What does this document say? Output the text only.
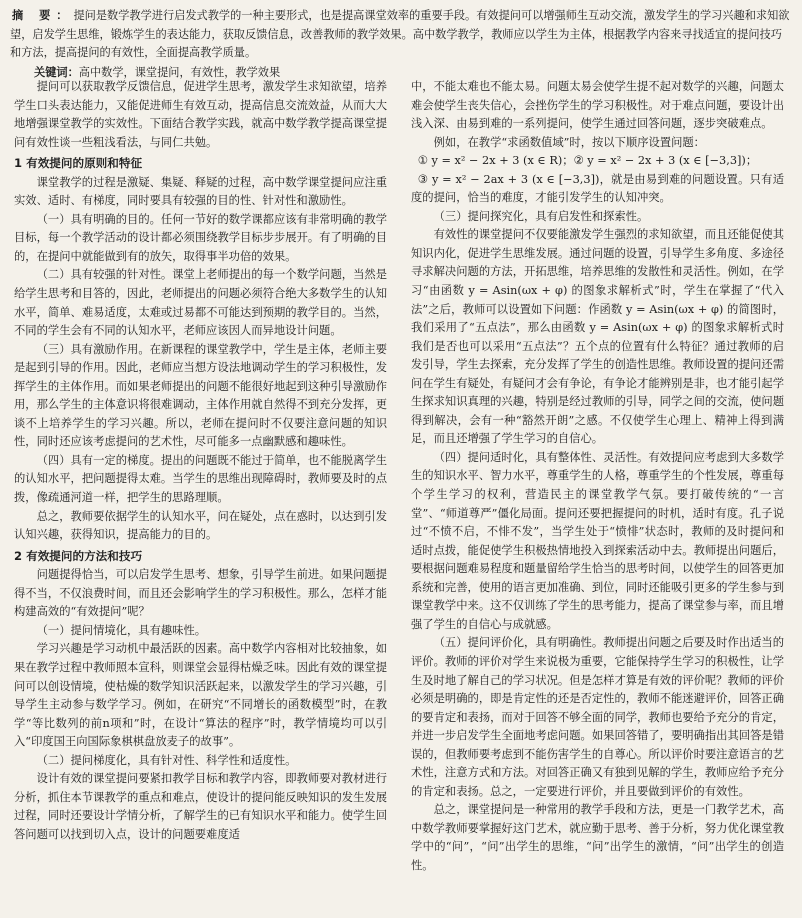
摘 要：提问是数学教学进行启发式教学的一种主要形式，也是提高课堂效率的重要手段。有效提问可以增强师生互动交流，激发学生的学习兴趣和求知欲望，启发学生思维，锻炼学生的表达能力，获取反馈信息，改善教师的教学效果。高中数学教学，教师应以学生为主体，根据教学内容来寻找适宜的提问技巧和方法，提高提问的有效性，全面提高教学质量。
关键词：高中数学，课堂提问，有效性，教学效果

提问可以获取教学反馈信息，促进学生思考，激发学生求知欲望，培养学生口头表达能力，又能促进师生有效互动，提高信息交流效益，从而大大地增强课堂教学的实效性。下面结合教学实践，就高中数学教学提高课堂提问有效性谈一些粗浅看法，与同仁共勉。

1 有效提问的原则和特征

课堂教学的过程是激疑、集疑、释疑的过程，高中数学课堂提问应注重实效、适时、有梯度，同时要具有较强的目的性、针对性和激励性。

（一）具有明确的目的。任何一节好的数学课都应该有非常明确的教学目标，每一个教学活动的设计都必须围绕教学目标步步展开。有了明确的目的，在提问中就能做到有的放矢，取得事半功倍的效果。

（二）具有较强的针对性。课堂上老师提出的每一个数学问题，当然是给学生思考和目答的，因此，老师提出的问题必须符合绝大多数学生的认知水平，简单、难易适度，太难或过易都不可能达到预期的教学目的。当然，不同的学生会有不同的认知水平，老师应该因人而异地设计问题。

（三）具有激励作用。在新课程的课堂教学中，学生是主体，老师主要是起到引导的作用。因此，老师应当想方设法地调动学生的学习积极性，发挥学生的主体作用。而如果老师提出的问题不能很好地起到这种引导激励作用，那么学生的主体意识将很难调动，主体作用就自然得不到充分发挥，更谈不上培养学生的学习兴趣。所以，老师在提问时不仅要注意问题的知识性，同时还应该考虑提问的艺术性，尽可能多一点幽默感和趣味性。

（四）具有一定的梯度。提出的问题既不能过于简单，也不能脱离学生的认知水平，把问题提得太难。当学生的思维出现障碍时，教师要及时的点拨，像疏通河道一样，把学生的思路理顺。

总之，教师要依据学生的认知水平，问在疑处，点在惑时，以达到引发认知兴趣，获得知识，提高能力的目的。

2 有效提问的方法和技巧

问题提得恰当，可以启发学生思考、想象，引导学生前进。如果问题提得不当，不仅浪费时间，而且还会影响学生的学习积极性。那么，怎样才能构建高效的“有效提问”呢？

（一）提问情境化，具有趣味性。

学习兴趣是学习动机中最活跃的因素。高中数学内容相对比较抽象，如果在教学过程中教师照本宣科，则课堂会显得枯燥乏味。因此有效的课堂提问可以创设情境，使枯燥的数学知识活跃起来，以激发学生的学习兴趣，引导学生主动参与数学学习。例如，在研究“不同增长的函数模型”时，在教学“等比数列的前n项和”时，在设计“算法的程序”时，教学情境均可以引入“印度国王向国际象棋棋盘放麦子的故事”。

（二）提问梯度化，具有针对性、科学性和适度性。

设计有效的课堂提问要紧扣教学目标和教学内容，即教师要对教材进行分析，抓住本节课教学的重点和难点，使设计的提问能反映知识的发生发展过程，同时还要设计学情分析，了解学生的已有知识水平和能力。使学生回答问题可以找到切入点，设计的问题要难度适

中，不能太难也不能太易。问题太易会使学生提不起对数学的兴趣，问题太难会使学生丧失信心，会挫伤学生的学习积极性。对于难点问题，要设计出浅入深、由易到难的一系列提问，使学生通过回答问题，逐步突破难点。

例如，在教学“求函数值域”时，按以下顺序设置问题：

① y = x² − 2x + 3 (x ∈ R)；② y = x² − 2x + 3 (x ∈ [−3,3])；

③ y = x² − 2ax + 3 (x ∈ [−3,3])，就是由易到难的问题设置。只有适度的提问，恰当的难度，才能引发学生的认知冲突。

（三）提问探究化，具有启发性和探索性。

有效性的课堂提问不仅要能激发学生强烈的求知欲望，而且还能促使其知识内化，促进学生思维发展。通过问题的设置，引导学生多角度、多途径寻求解决问题的方法，开拓思维，培养思维的发散性和灵活性。例如，在学习“由函数 y = Asin(ωx + φ) 的图象求解析式”时，学生在掌握了“代入法”之后，教师可以设置如下问题：作函数 y = Asin(ωx + φ) 的简图时，我们采用了“五点法”，那么由函数 y = Asin(ωx + φ) 的图象求解析式时我们是否也可以采用“五点法”？五个点的位置有什么特征？通过教师的启发引导，学生去探索，充分发挥了学生的创造性思维。教师设置的提问还需问在学生有疑处，有疑问才会有争论，有争论才能辨别是非，也才能引起学生探求知识真理的兴趣，特别是经过教师的引导，同学之间的交流，使问题得到解决，会有一种“豁然开朗”之感。不仅使学生心理上、精神上得到满足，而且还增强了学生学习的自信心。

（四）提问适时化，具有整体性、灵活性。有效提问应考虑到大多数学生的知识水平、智力水平，尊重学生的人格，尊重学生的个性发展，尊重每个学生学习的权利，营造民主的课堂教学气氛。要打破传统的“一言堂”、“师道尊严”僵化局面。提问还要把握提问的时机，适时有度。孔子说过“不愤不启，不悱不发”，当学生处于“愤悱”状态时，教师的及时提问和适时点拨，能促使学生积极热情地投入到探索活动中去。教师提出问题后，要根据问题难易程度和题量留给学生恰当的思考时间，以使学生的回答更加系统和完善，使用的语言更加准确、到位，同时还能吸引更多的学生参与到课堂教学中来。这不仅训练了学生的思考能力，提高了课堂参与率，而且增强了学生的自信心与成就感。

（五）提问评价化，具有明确性。教师提出问题之后要及时作出适当的评价。教师的评价对学生来说极为重要，它能保持学生学习的积极性，让学生及时地了解自己的学习状况。但是怎样才算是有效的评价呢？教师的评价必须是明确的，即是肯定性的还是否定性的，教师不能迷避评价，回答正确的要肯定和表扬，而对于回答不够全面的同学，教师也要给予充分的肯定，并进一步启发学生全面地考虑问题。如果回答错了，要明确指出其回答是错误的，但教师要考虑到不能伤害学生的自尊心。所以评价时要注意语言的艺术性，注意方式和方法。对回答正确又有独到见解的学生，教师应给予充分的肯定和表扬。总之，一定要进行评价，并且要做到评价的有效性。

总之，课堂提问是一种常用的教学手段和方法，更是一门教学艺术，高中数学教师要掌握好这门艺术，就应勤于思考、善于分析，努力优化课堂教学中的“问”，“问”出学生的思维，“问”出学生的激情，“问”出学生的创造性。
